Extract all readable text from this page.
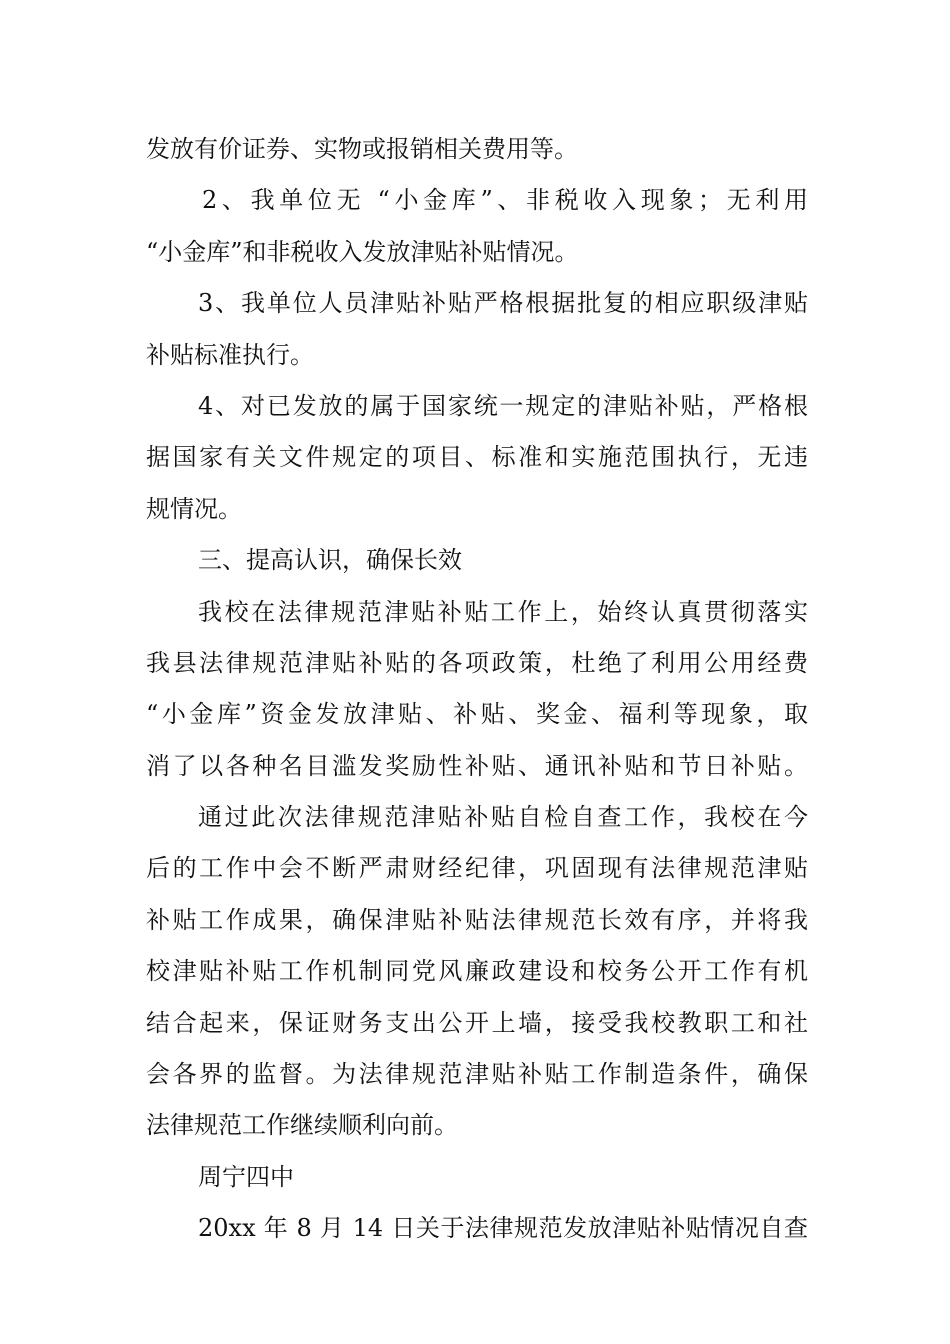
发放有价证券、实物或报销相关费用等。
2、我单位无 “小金库”、非税收入现象；无利用
“小金库”和非税收入发放津贴补贴情况。
3、我单位人员津贴补贴严格根据批复的相应职级津贴
补贴标准执行。
4、对已发放的属于国家统一规定的津贴补贴，严格根
据国家有关文件规定的项目、标准和实施范围执行，无违
规情况。
三、提高认识，确保长效
我校在法律规范津贴补贴工作上，始终认真贯彻落实
我县法律规范津贴补贴的各项政策，杜绝了利用公用经费
“小金库”资金发放津贴、补贴、奖金、福利等现象，取
消了以各种名目滥发奖励性补贴、通讯补贴和节日补贴。
通过此次法律规范津贴补贴自检自查工作，我校在今
后的工作中会不断严肃财经纪律，巩固现有法律规范津贴
补贴工作成果，确保津贴补贴法律规范长效有序，并将我
校津贴补贴工作机制同党风廉政建设和校务公开工作有机
结合起来，保证财务支出公开上墙，接受我校教职工和社
会各界的监督。为法律规范津贴补贴工作制造条件，确保
法律规范工作继续顺利向前。
周宁四中
20xx 年 8 月 14 日关于法律规范发放津贴补贴情况自查
